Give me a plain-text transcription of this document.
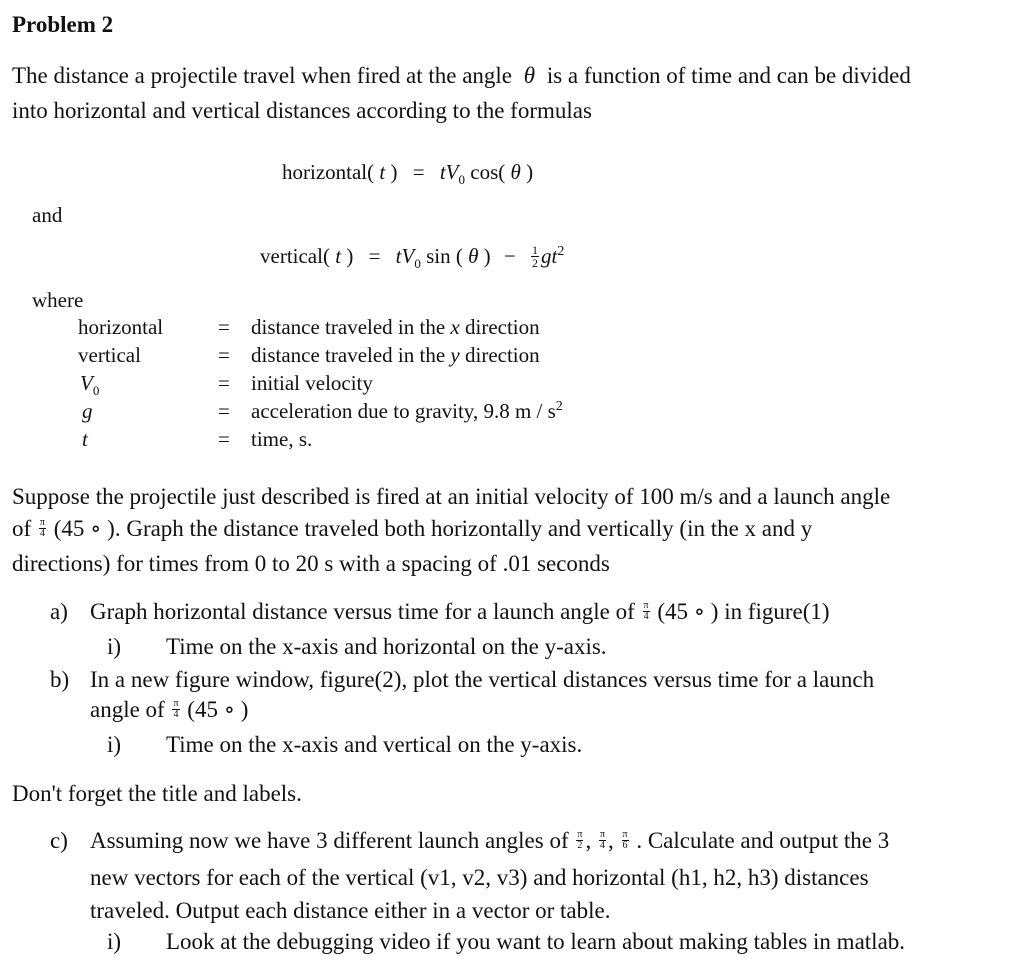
Problem 2
The distance a projectile travel when fired at the angle θ is a function of time and can be divided
into horizontal and vertical distances according to the formulas
horizontal( t ) = $tV_0$ cos( θ )
and
vertical( t ) = $tV_0$ sin ( θ ) − $\frac{1}{2} gt^2$
where
horizontal	= distance traveled in the x direction
vertical	= distance traveled in the y direction
$V_0$	= initial velocity
g	= acceleration due to gravity, 9.8 m / $s^2$
t	= time, s.
Suppose the projectile just described is fired at an initial velocity of 100 m/s and a launch angle
of $\frac{\pi}{4} (45$ ∘ ). Graph the distance traveled both horizontally and vertically (in the x and y
directions) for times from 0 to 20 s with a spacing of .01 seconds
a) Graph horizontal distance versus time for a launch angle of $\frac{\pi}{4} (45$ ∘ ) in figure(1)
i) Time on the x-axis and horizontal on the y-axis.
b) In a new figure window, figure(2), plot the vertical distances versus time for a launch
angle of $\frac{\pi}{4} (45$ ∘ )
i) Time on the x-axis and vertical on the y-axis.
Don't forget the title and labels.
c) Assuming now we have 3 different launch angles of $\frac{\pi}{2}$ , $\frac{\pi}{4}$ , $\frac{\pi}{6}$ . Calculate and output the 3
new vectors for each of the vertical (v1, v2, v3) and horizontal (h1, h2, h3) distances
traveled. Output each distance either in a vector or table.
i) Look at the debugging video if you want to learn about making tables in matlab.
